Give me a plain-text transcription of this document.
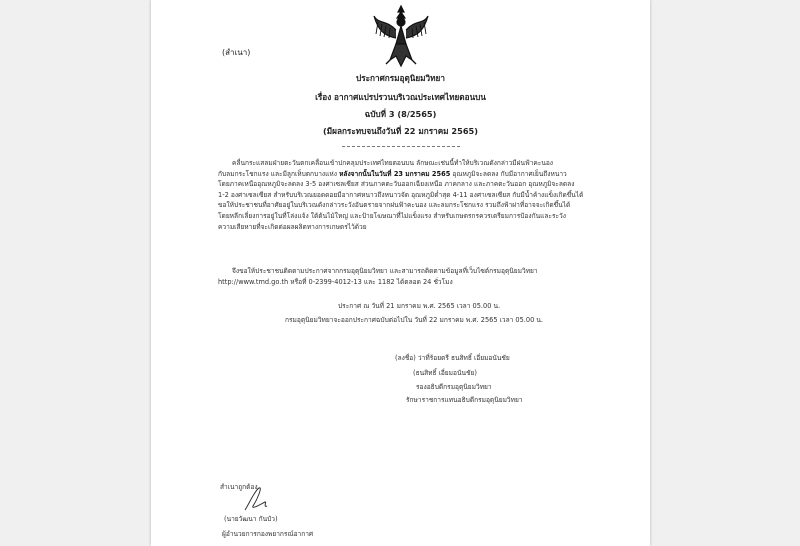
(สำเนา)
ประกาศกรมอุตุนิยมวิทยา
เรื่อง อากาศแปรปรวนบริเวณประเทศไทยตอนบน
ฉบับที่ 3 (8/2565)
(มีผลกระทบจนถึงวันที่ 22 มกราคม 2565)
คลื่นกระแสลมฝ่ายตะวันตกเคลื่อนเข้าปกคลุมประเทศไทยตอนบน ลักษณะเช่นนี้ทำให้บริเวณดังกล่าวมีฝนฟ้าคะนอง
กับลมกระโชกแรง และมีลูกเห็บตกบางแห่ง หลังจากนั้นในวันที่ 23 มกราคม 2565 อุณหภูมิจะลดลง กับมีอากาศเย็นถึงหนาว
โดยภาคเหนืออุณหภูมิจะลดลง 3-5 องศาเซลเซียส ส่วนภาคตะวันออกเฉียงเหนือ ภาคกลาง และภาคตะวันออก อุณหภูมิจะลดลง
1-2 องศาเซลเซียส สำหรับบริเวณยอดดอยมีอากาศหนาวถึงหนาวจัด อุณหภูมิต่ำสุด 4-11 องศาเซลเซียส กับมีน้ำค้างแข็งเกิดขึ้นได้
ขอให้ประชาชนที่อาศัยอยู่ในบริเวณดังกล่าวระวังอันตรายจากฝนฟ้าคะนอง และลมกระโชกแรง รวมถึงฟ้าผ่าที่อาจจะเกิดขึ้นได้
โดยหลีกเลี่ยงการอยู่ในที่โล่งแจ้ง ใต้ต้นไม้ใหญ่ และป้ายโฆษณาที่ไม่แข็งแรง สำหรับเกษตรกรควรเตรียมการป้องกันและระวัง
ความเสียหายที่จะเกิดต่อผลผลิตทางการเกษตรไว้ด้วย
จึงขอให้ประชาชนติดตามประกาศจากกรมอุตุนิยมวิทยา และสามารถติดตามข้อมูลที่เว็บไซต์กรมอุตุนิยมวิทยา
http://www.tmd.go.th หรือที่ 0-2399-4012-13 และ 1182 ได้ตลอด 24 ชั่วโมง
ประกาศ ณ วันที่ 21 มกราคม พ.ศ. 2565 เวลา 05.00 น.
กรมอุตุนิยมวิทยาจะออกประกาศฉบับต่อไปใน วันที่ 22 มกราคม พ.ศ. 2565 เวลา 05.00 น.
(ลงชื่อ) ว่าที่ร้อยตรี ธนสิทธิ์ เอี่ยมอนันชัย
(ธนสิทธิ์ เอี่ยมอนันชัย)
รองอธิบดีกรมอุตุนิยมวิทยา
รักษาราชการแทนอธิบดีกรมอุตุนิยมวิทยา
สำเนาถูกต้อง
(นายวัฒนา กันบัว)
ผู้อำนวยการกองพยากรณ์อากาศ
